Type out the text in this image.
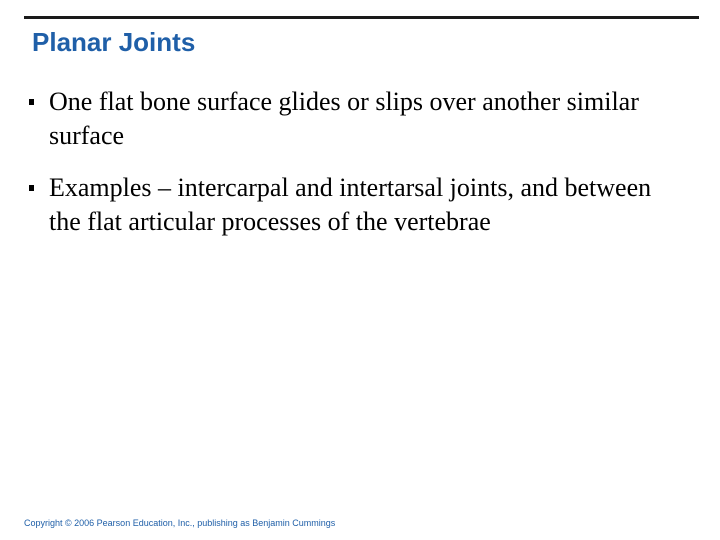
Planar Joints
One flat bone surface glides or slips over another similar surface
Examples – intercarpal and intertarsal joints, and between the flat articular processes of the vertebrae
Copyright © 2006 Pearson Education, Inc., publishing as Benjamin Cummings
